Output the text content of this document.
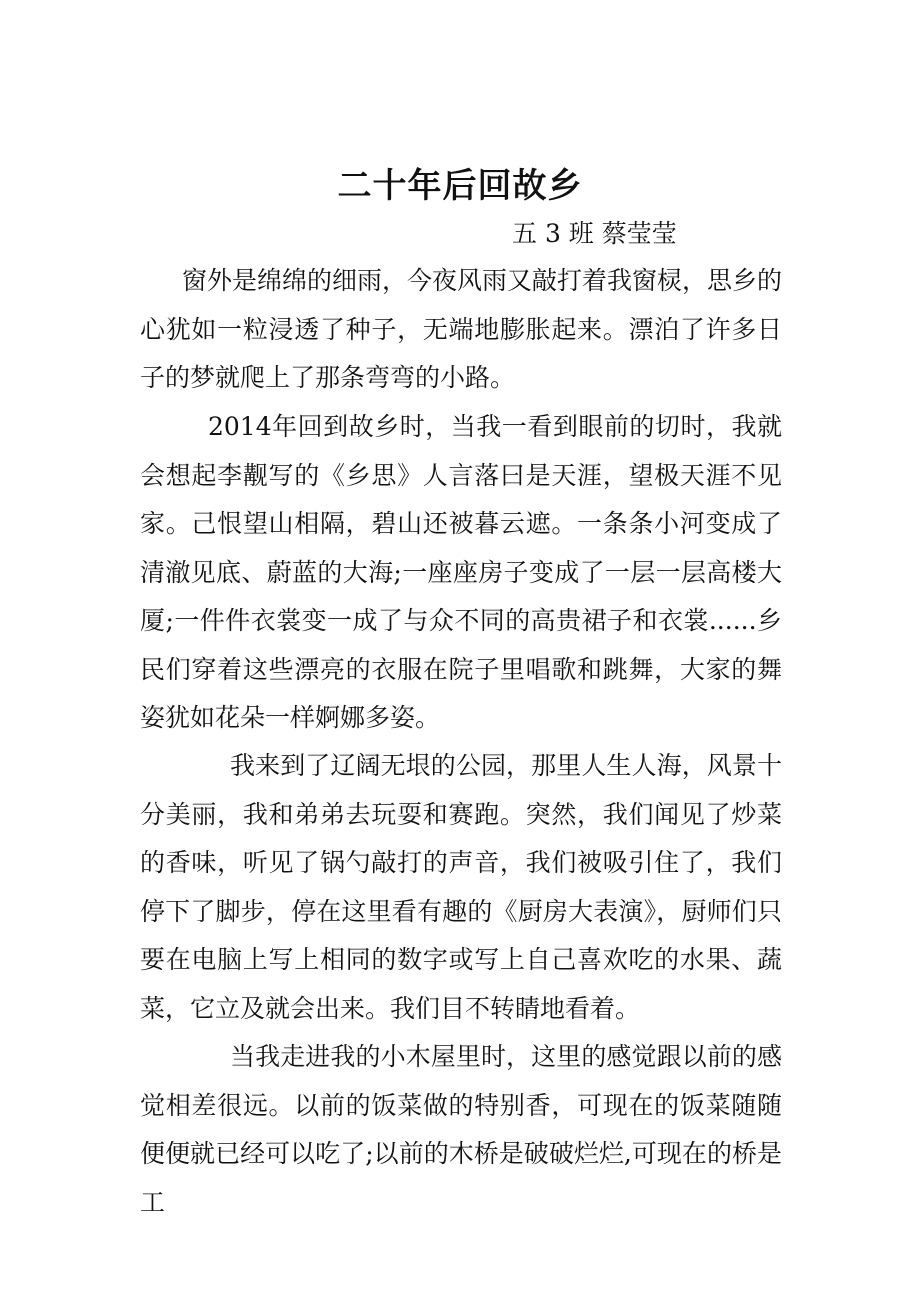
二十年后回故乡
五 3 班 蔡莹莹

窗外是绵绵的细雨，今夜风雨又敲打着我窗棂，思乡的心犹如一粒浸透了种子，无端地膨胀起来。漂泊了许多日子的梦就爬上了那条弯弯的小路。

2014年回到故乡时，当我一看到眼前的切时，我就会想起李觏写的《乡思》人言落曰是天涯，望极天涯不见家。己恨望山相隔，碧山还被暮云遮。一条条小河变成了清澈见底、蔚蓝的大海;一座座房子变成了一层一层高楼大厦;一件件衣裳变一成了与众不同的高贵裙子和衣裳......乡民们穿着这些漂亮的衣服在院子里唱歌和跳舞，大家的舞姿犹如花朵一样婀娜多姿。

我来到了辽阔无垠的公园，那里人生人海，风景十分美丽，我和弟弟去玩耍和赛跑。突然，我们闻见了炒菜的香味，听见了锅勺敲打的声音，我们被吸引住了，我们停下了脚步，停在这里看有趣的《厨房大表演》，厨师们只要在电脑上写上相同的数字或写上自己喜欢吃的水果、蔬菜，它立及就会出来。我们目不转睛地看着。

当我走进我的小木屋里时，这里的感觉跟以前的感觉相差很远。以前的饭菜做的特别香，可现在的饭菜随随便便就已经可以吃了;以前的木桥是破破烂烂,可现在的桥是工
